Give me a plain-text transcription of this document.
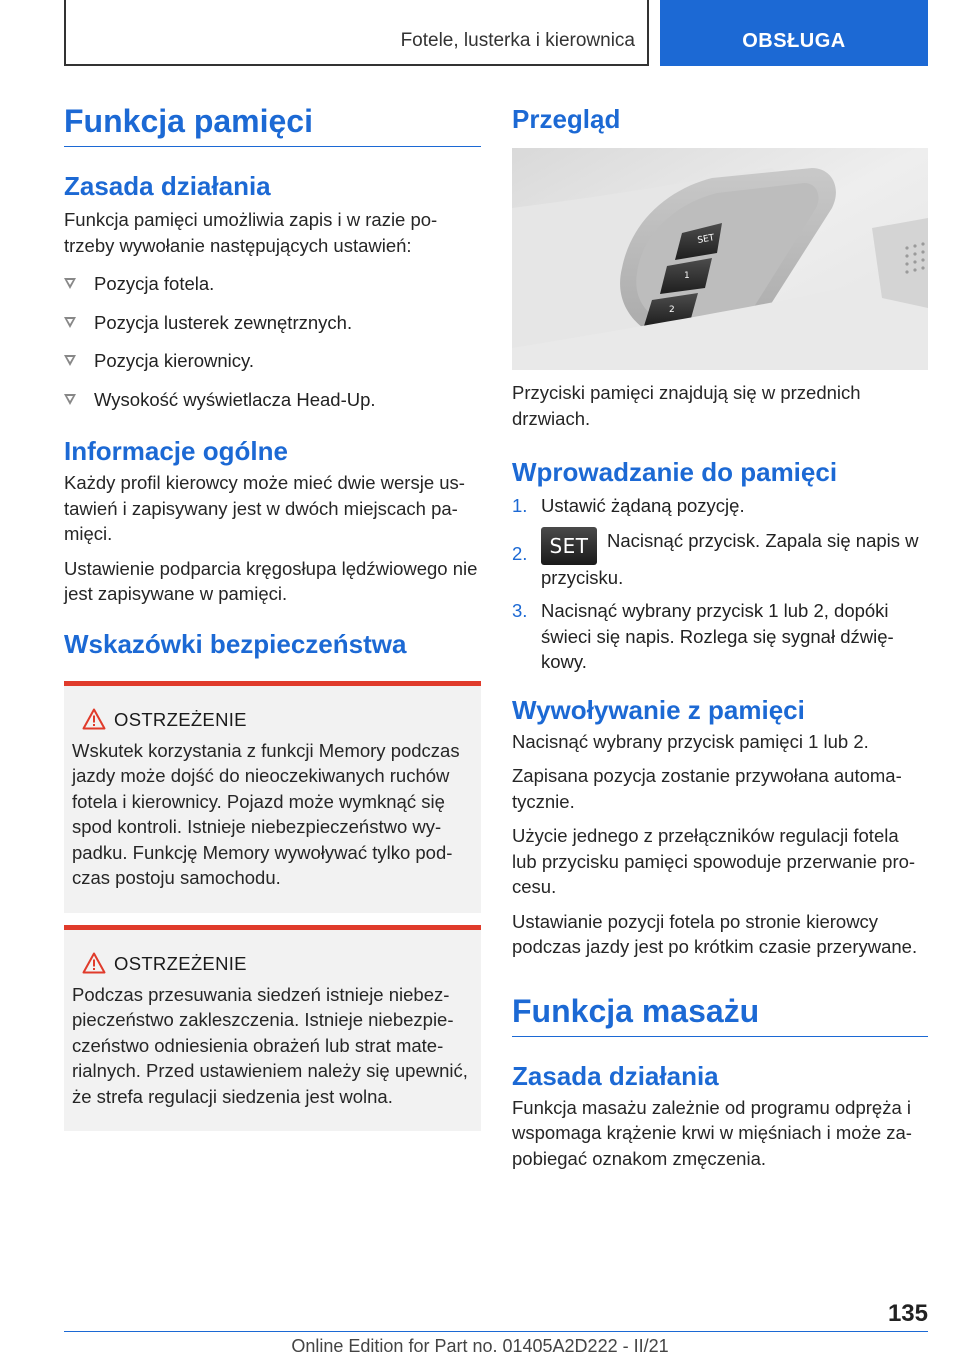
Fotele, lusterka i kierownica	OBSŁUGA
Funkcja pamięci
Zasada działania

Funkcja pamięci umożliwia zapis i w razie po-trzeby wywołanie następujących ustawień:

Pozycja fotela.
Pozycja lusterek zewnętrznych.
Pozycja kierownicy.
Wysokość wyświetlacza Head-Up.
Informacje ogólne

Każdy profil kierowcy może mieć dwie wersje us-tawień i zapisywany jest w dwóch miejscach pa-mięci.

Ustawienie podparcia kręgosłupa lędźwiowego nie jest zapisywane w pamięci.

Wskazówki bezpieczeństwa
OSTRZEŻENIE

Wskutek korzystania z funkcji Memory podczas jazdy może dojść do nieoczekiwanych ruchów fotela i kierownicy. Pojazd może wymknąć się spod kontroli. Istnieje niebezpieczeństwo wy-padku. Funkcję Memory wywoływać tylko pod-czas postoju samochodu.

OSTRZEŻENIE

Podczas przesuwania siedzeń istnieje niebez-pieczeństwo zakleszczenia. Istnieje niebezpie-czeństwo odniesienia obrażeń lub strat mate-rialnych. Przed ustawieniem należy się upewnić, że strefa regulacji siedzenia jest wolna.

Przegląd
SET
1
2

Przyciski pamięci znajdują się w przednich drzwiach.

Wprowadzanie do pamięci
1. Ustawić żądaną pozycję.
2. SET Nacisnąć przycisk. Zapala się napis w przycisku.
3. Nacisnąć wybrany przycisk 1 lub 2, dopóki świeci się napis. Rozlega się sygnał dźwię-kowy.
Wywoływanie z pamięci

Nacisnąć wybrany przycisk pamięci 1 lub 2.

Zapisana pozycja zostanie przywołana automa-tycznie.

Użycie jednego z przełączników regulacji fotela lub przycisku pamięci spowoduje przerwanie pro-cesu.

Ustawianie pozycji fotela po stronie kierowcy podczas jazdy jest po krótkim czasie przerywane.

Funkcja masażu
Zasada działania

Funkcja masażu zależnie od programu odpręża i wspomaga krążenie krwi w mięśniach i może za-pobiegać oznakom zmęczenia.

135
Online Edition for Part no. 01405A2D222 - II/21
